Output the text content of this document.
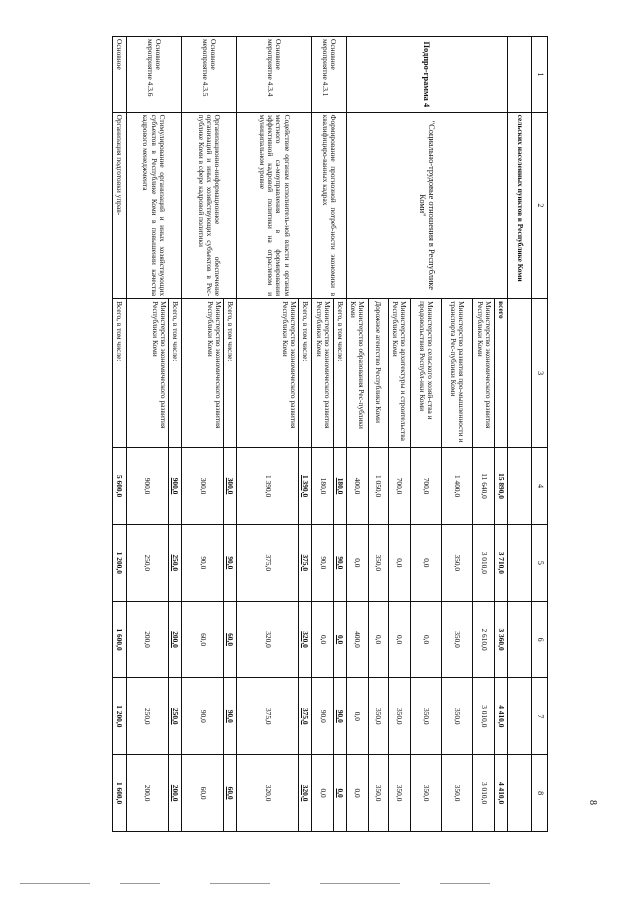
1	2	3	4	5	6	7	8
	сельских населенных пунктов в Республике Коми						
Подпро-грамма 4	"Социально-трудовые отношения в Республике Коми"	всего	15 890,0	3 710,0	3 360,0	4 410,0	4 410,0
		Министерство экономического развития Республики Коми	11 640,0	3 010,0	2 610,0	3 010,0	3 010,0
		Министерство развития про-мышленности и транспорта Рес-публики Коми	1 400,0	350,0	350,0	350,0	350,0
		Министерство сельского хозяй-ства и продовольствия Республ-ики Коми	700,0	0,0	0,0	350,0	350,0
		Министерство архитектуры и строительства Республики Коми	700,0	0,0	0,0	350,0	350,0
		Дорожное агентство Республики Коми	1 050,0	350,0	0,0	350,0	350,0
		Министерство образования Рес-публики Коми	400,0	0,0	400,0	0,0	0,0
Основное мероприятие 4.3.1	Формирование прогнозной потреб-ности экономики в квалифициро-ванных кадрах	Всего, в том числе:	180,0	90,0	0,0	90,0	0,0
		Министерство экономического развития Республики Коми	180,0	90,0	0,0	90,0	0,0
Основное мероприятие 4.3.4	Содействие органам исполнитель-ной власти и органам местного са-моуправления в формировании эффективной кадровой политики на отраслевом и муниципальном уровне	Всего, в том числе:	1 390,0	375,0	320,0	375,0	320,0
		Министерство экономического развития Республики Коми	1 390,0	375,0	320,0	375,0	320,0
Основное мероприятие 4.3.5	Организационно-информационное обеспечение организаций и иных хозяйствующих субъектов в Рес-публике Коми в сфере кадровой политики	Всего, в том числе:	300,0	90,0	60,0	90,0	60,0
		Министерство экономического развития Республики Коми	300,0	90,0	60,0	90,0	60,0
Основное мероприятие 4.3.6	Стимулирование организаций и иных хозяйствующих субъектов в Республике Коми в повышении качества кадрового менеджмента	Всего, в том числе:	900,0	250,0	200,0	250,0	200,0
		Министерство экономического развития Республики Коми	900,0	250,0	200,0	250,0	200,0
Основное	Организация подготовки управ-	Всего, в том числе:	5 600,0	1 200,0	1 600,0	1 200,0	1 600,0	8
